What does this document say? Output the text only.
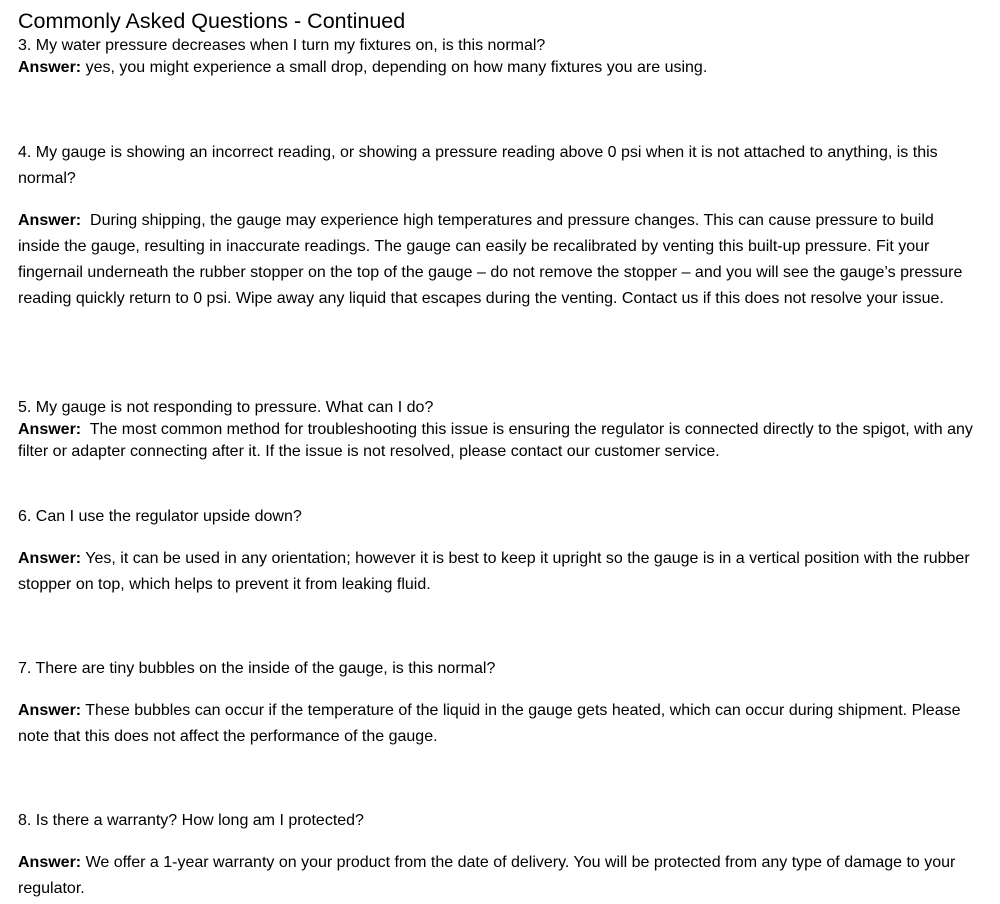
Commonly Asked Questions - Continued
3. My water pressure decreases when I turn my fixtures on, is this normal?
Answer: yes, you might experience a small drop, depending on how many fixtures you are using.
4. My gauge is showing an incorrect reading, or showing a pressure reading above 0 psi when it is not attached to anything, is this normal?
Answer: During shipping, the gauge may experience high temperatures and pressure changes. This can cause pressure to build inside the gauge, resulting in inaccurate readings. The gauge can easily be recalibrated by venting this built-up pressure. Fit your fingernail underneath the rubber stopper on the top of the gauge – do not remove the stopper – and you will see the gauge’s pressure reading quickly return to 0 psi. Wipe away any liquid that escapes during the venting. Contact us if this does not resolve your issue.
5. My gauge is not responding to pressure. What can I do?
Answer: The most common method for troubleshooting this issue is ensuring the regulator is connected directly to the spigot, with any filter or adapter connecting after it. If the issue is not resolved, please contact our customer service.
6. Can I use the regulator upside down?
Answer: Yes, it can be used in any orientation; however it is best to keep it upright so the gauge is in a vertical position with the rubber stopper on top, which helps to prevent it from leaking fluid.
7. There are tiny bubbles on the inside of the gauge, is this normal?
Answer: These bubbles can occur if the temperature of the liquid in the gauge gets heated, which can occur during shipment. Please note that this does not affect the performance of the gauge.
8. Is there a warranty? How long am I protected?
Answer: We offer a 1-year warranty on your product from the date of delivery. You will be protected from any type of damage to your regulator.
